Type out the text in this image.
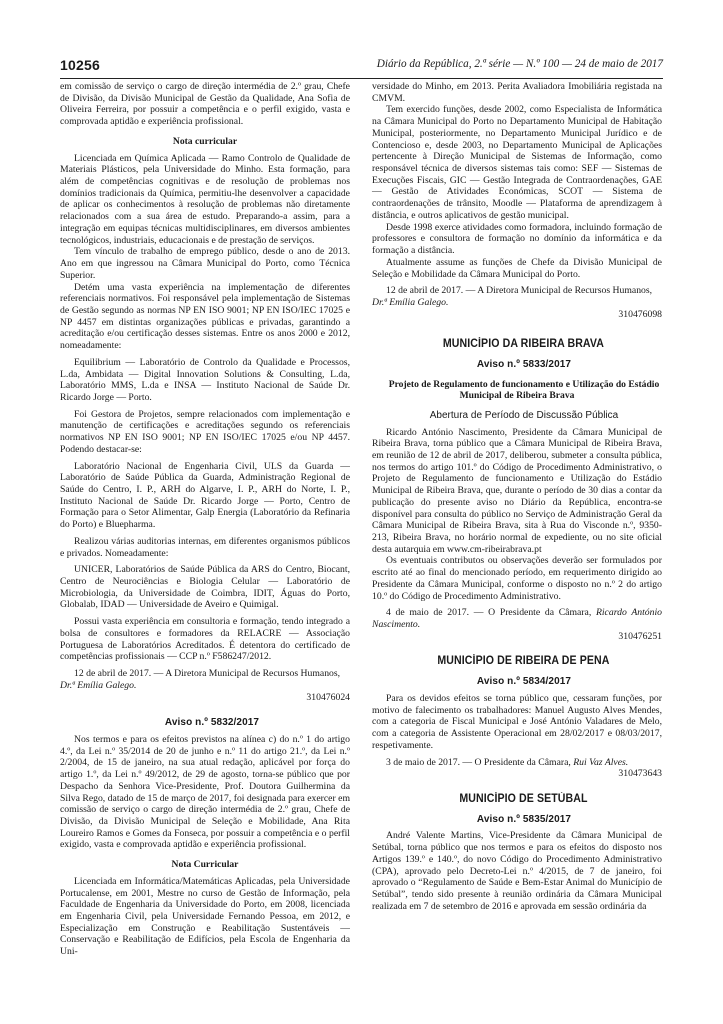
10256	Diário da República, 2.ª série — N.º 100 — 24 de maio de 2017

em comissão de serviço o cargo de direção intermédia de 2.º grau, Chefe de Divisão, da Divisão Municipal de Gestão da Qualidade, Ana Sofia de Oliveira Ferreira, por possuir a competência e o perfil exigido, vasta e comprovada aptidão e experiência profissional.

Nota curricular

Licenciada em Química Aplicada — Ramo Controlo de Qualidade de Materiais Plásticos, pela Universidade do Minho. Esta formação, para além de competências cognitivas e de resolução de problemas nos domínios tradicionais da Química, permitiu-lhe desenvolver a capacidade de aplicar os conhecimentos à resolução de problemas não diretamente relacionados com a sua área de estudo. Preparando-a assim, para a integração em equipas técnicas multidisciplinares, em diversos ambientes tecnológicos, industriais, educacionais e de prestação de serviços.

Tem vínculo de trabalho de emprego público, desde o ano de 2013. Ano em que ingressou na Câmara Municipal do Porto, como Técnica Superior.

Detém uma vasta experiência na implementação de diferentes referenciais normativos. Foi responsável pela implementação de Sistemas de Gestão segundo as normas NP EN ISO 9001; NP EN ISO/IEC 17025 e NP 4457 em distintas organizações públicas e privadas, garantindo a acreditação e/ou certificação desses sistemas. Entre os anos 2000 e 2012, nomeadamente:

Equilibrium — Laboratório de Controlo da Qualidade e Processos, L.da, Ambidata — Digital Innovation Solutions & Consulting, L.da, Laboratório MMS, L.da e INSA — Instituto Nacional de Saúde Dr. Ricardo Jorge — Porto.

Foi Gestora de Projetos, sempre relacionados com implementação e manutenção de certificações e acreditações segundo os referenciais normativos NP EN ISO 9001; NP EN ISO/IEC 17025 e/ou NP 4457. Podendo destacar-se:

Laboratório Nacional de Engenharia Civil, ULS da Guarda — Laboratório de Saúde Pública da Guarda, Administração Regional de Saúde do Centro, I. P., ARH do Algarve, I. P., ARH do Norte, I. P., Instituto Nacional de Saúde Dr. Ricardo Jorge — Porto, Centro de Formação para o Setor Alimentar, Galp Energia (Laboratório da Refinaria do Porto) e Bluepharma.

Realizou várias auditorias internas, em diferentes organismos públicos e privados. Nomeadamente:

UNICER, Laboratórios de Saúde Pública da ARS do Centro, Biocant, Centro de Neurociências e Biologia Celular — Laboratório de Microbiologia, da Universidade de Coimbra, IDIT, Águas do Porto, Globalab, IDAD — Universidade de Aveiro e Quimigal.

Possui vasta experiência em consultoria e formação, tendo integrado a bolsa de consultores e formadores da RELACRE — Associação Portuguesa de Laboratórios Acreditados. É detentora do certificado de competências profissionais — CCP n.º F586247/2012.

12 de abril de 2017. — A Diretora Municipal de Recursos Humanos,
Dr.ª Emília Galego.

310476024

Aviso n.º 5832/2017

Nos termos e para os efeitos previstos na alínea c) do n.º 1 do artigo 4.º, da Lei n.º 35/2014 de 20 de junho e n.º 11 do artigo 21.º, da Lei n.º 2/2004, de 15 de janeiro, na sua atual redação, aplicável por força do artigo 1.º, da Lei n.º 49/2012, de 29 de agosto, torna-se público que por Despacho da Senhora Vice-Presidente, Prof. Doutora Guilhermina da Silva Rego, datado de 15 de março de 2017, foi designada para exercer em comissão de serviço o cargo de direção intermédia de 2.º grau, Chefe de Divisão, da Divisão Municipal de Seleção e Mobilidade, Ana Rita Loureiro Ramos e Gomes da Fonseca, por possuir a competência e o perfil exigido, vasta e comprovada aptidão e experiência profissional.

Nota Curricular

Licenciada em Informática/Matemáticas Aplicadas, pela Universidade Portucalense, em 2001, Mestre no curso de Gestão de Informação, pela Faculdade de Engenharia da Universidade do Porto, em 2008, licenciada em Engenharia Civil, pela Universidade Fernando Pessoa, em 2012, e Especialização em Construção e Reabilitação Sustentáveis — Conservação e Reabilitação de Edifícios, pela Escola de Engenharia da Uni-

versidade do Minho, em 2013. Perita Avaliadora Imobiliária registada na CMVM.

Tem exercido funções, desde 2002, como Especialista de Informática na Câmara Municipal do Porto no Departamento Municipal de Habitação Municipal, posteriormente, no Departamento Municipal Jurídico e de Contencioso e, desde 2003, no Departamento Municipal de Aplicações pertencente à Direção Municipal de Sistemas de Informação, como responsável técnica de diversos sistemas tais como: SEF — Sistemas de Execuções Fiscais, GIC — Gestão Integrada de Contraordenações, GAE — Gestão de Atividades Económicas, SCOT — Sistema de contraordenações de trânsito, Moodle — Plataforma de aprendizagem à distância, e outros aplicativos de gestão municipal.

Desde 1998 exerce atividades como formadora, incluindo formação de professores e consultora de formação no domínio da informática e da formação a distância.

Atualmente assume as funções de Chefe da Divisão Municipal de Seleção e Mobilidade da Câmara Municipal do Porto.

12 de abril de 2017. — A Diretora Municipal de Recursos Humanos,
Dr.ª Emília Galego.

310476098

MUNICÍPIO DA RIBEIRA BRAVA

Aviso n.º 5833/2017

Projeto de Regulamento de funcionamento e Utilização do Estádio Municipal de Ribeira Brava

Abertura de Período de Discussão Pública

Ricardo António Nascimento, Presidente da Câmara Municipal de Ribeira Brava, torna público que a Câmara Municipal de Ribeira Brava, em reunião de 12 de abril de 2017, deliberou, submeter a consulta pública, nos termos do artigo 101.º do Código de Procedimento Administrativo, o Projeto de Regulamento de funcionamento e Utilização do Estádio Municipal de Ribeira Brava, que, durante o período de 30 dias a contar da publicação do presente aviso no Diário da República, encontra-se disponível para consulta do público no Serviço de Administração Geral da Câmara Municipal de Ribeira Brava, sita à Rua do Visconde n.º, 9350-213, Ribeira Brava, no horário normal de expediente, ou no site oficial desta autarquia em www.cm-ribeirabrava.pt

Os eventuais contributos ou observações deverão ser formulados por escrito até ao final do mencionado período, em requerimento dirigido ao Presidente da Câmara Municipal, conforme o disposto no n.º 2 do artigo 10.º do Código de Procedimento Administrativo.

4 de maio de 2017. — O Presidente da Câmara, Ricardo António Nascimento.

310476251

MUNICÍPIO DE RIBEIRA DE PENA

Aviso n.º 5834/2017

Para os devidos efeitos se torna público que, cessaram funções, por motivo de falecimento os trabalhadores: Manuel Augusto Alves Mendes, com a categoria de Fiscal Municipal e José António Valadares de Melo, com a categoria de Assistente Operacional em 28/02/2017 e 08/03/2017, respetivamente.

3 de maio de 2017. — O Presidente da Câmara, Rui Vaz Alves.

310473643

MUNICÍPIO DE SETÚBAL

Aviso n.º 5835/2017

André Valente Martins, Vice-Presidente da Câmara Municipal de Setúbal, torna público que nos termos e para os efeitos do disposto nos Artigos 139.º e 140.º, do novo Código do Procedimento Administrativo (CPA), aprovado pelo Decreto-Lei n.º 4/2015, de 7 de janeiro, foi aprovado o “Regulamento de Saúde e Bem-Estar Animal do Município de Setúbal”, tendo sido presente à reunião ordinária da Câmara Municipal realizada em 7 de setembro de 2016 e aprovada em sessão ordinária da
